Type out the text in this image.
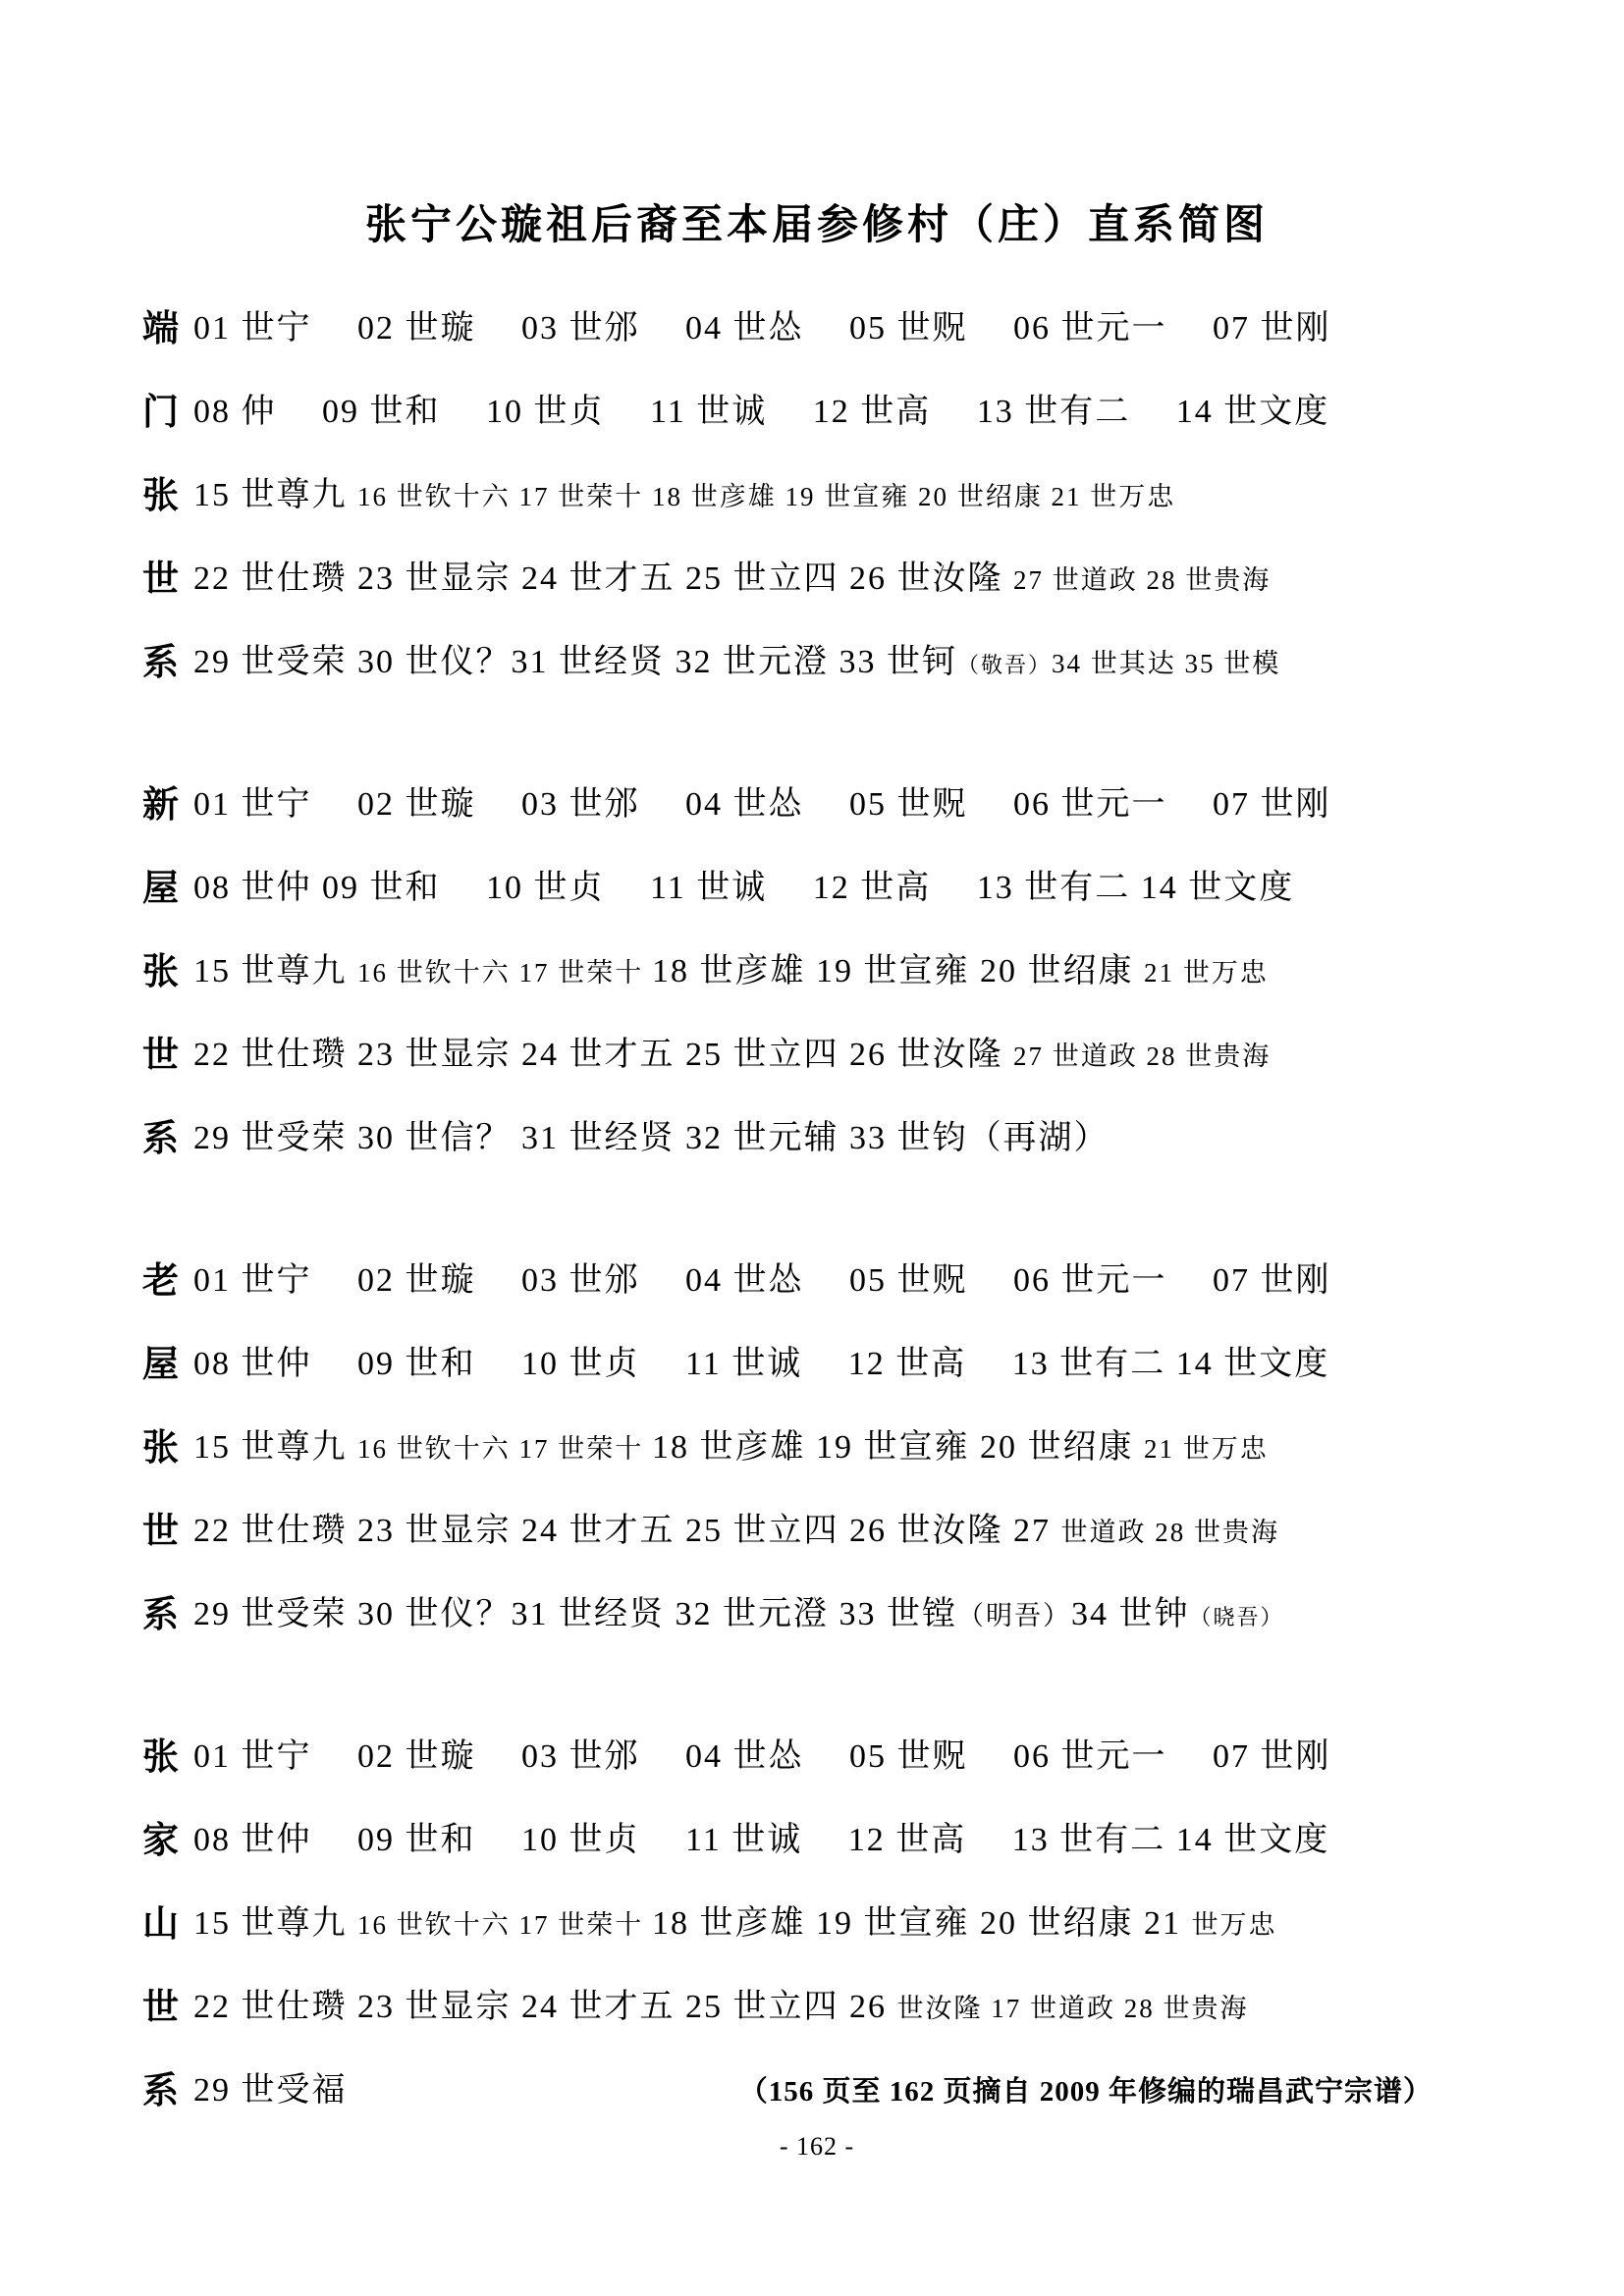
张宁公璇祖后裔至本届参修村（庄）直系简图
端 01 世宁　 02 世璇　 03 世邠　 04 世怂　 05 世贶　 06 世元一　 07 世刚
门 08 仲　 09 世和　 10 世贞　 11 世诚　 12 世高　 13 世有二　 14 世文度
张 15 世尊九 16 世钦十六 17 世荣十 18 世彦雄 19 世宣雍 20 世绍康 21 世万忠
世 22 世仕瓒 23 世显宗 24 世才五 25 世立四 26 世汝隆 27 世道政 28 世贵海
系 29 世受荣 30 世仪？31 世经贤 32 世元澄 33 世钶 （敬吾） 34 世其达 35 世模
新 01 世宁　 02 世璇　 03 世邠　 04 世怂　 05 世贶　 06 世元一　 07 世刚
屋 08 世仲 09 世和　 10 世贞　 11 世诚　 12 世高　 13 世有二 14 世文度
张 15 世尊九 16 世钦十六 17 世荣十 18 世彦雄 19 世宣雍 20 世绍康 21 世万忠
世 22 世仕瓒 23 世显宗 24 世才五 25 世立四 26 世汝隆 27 世道政 28 世贵海
系 29 世受荣 30 世信？ 31 世经贤 32 世元辅 33 世钧（再湖）
老 01 世宁　 02 世璇　 03 世邠　 04 世怂　 05 世贶　 06 世元一　 07 世刚
屋 08 世仲　 09 世和　 10 世贞　 11 世诚　 12 世高　 13 世有二 14 世文度
张 15 世尊九 16 世钦十六 17 世荣十 18 世彦雄 19 世宣雍 20 世绍康 21 世万忠
世 22 世仕瓒 23 世显宗 24 世才五 25 世立四 26 世汝隆 27 世道政 28 世贵海
系 29 世受荣 30 世仪？31 世经贤 32 世元澄 33 世镗 （明吾） 34 世钟 （晓吾）
张 01 世宁　 02 世璇　 03 世邠　 04 世怂　 05 世贶　 06 世元一　 07 世刚
家 08 世仲　 09 世和　 10 世贞　 11 世诚　 12 世高　 13 世有二 14 世文度
山 15 世尊九 16 世钦十六 17 世荣十 18 世彦雄 19 世宣雍 20 世绍康 21 世万忠
世 22 世仕瓒 23 世显宗 24 世才五 25 世立四 26 世汝隆 17 世道政 28 世贵海
系 29 世受福	（156 页至 162 页摘自 2009 年修编的瑞昌武宁宗谱）
- 162 -
